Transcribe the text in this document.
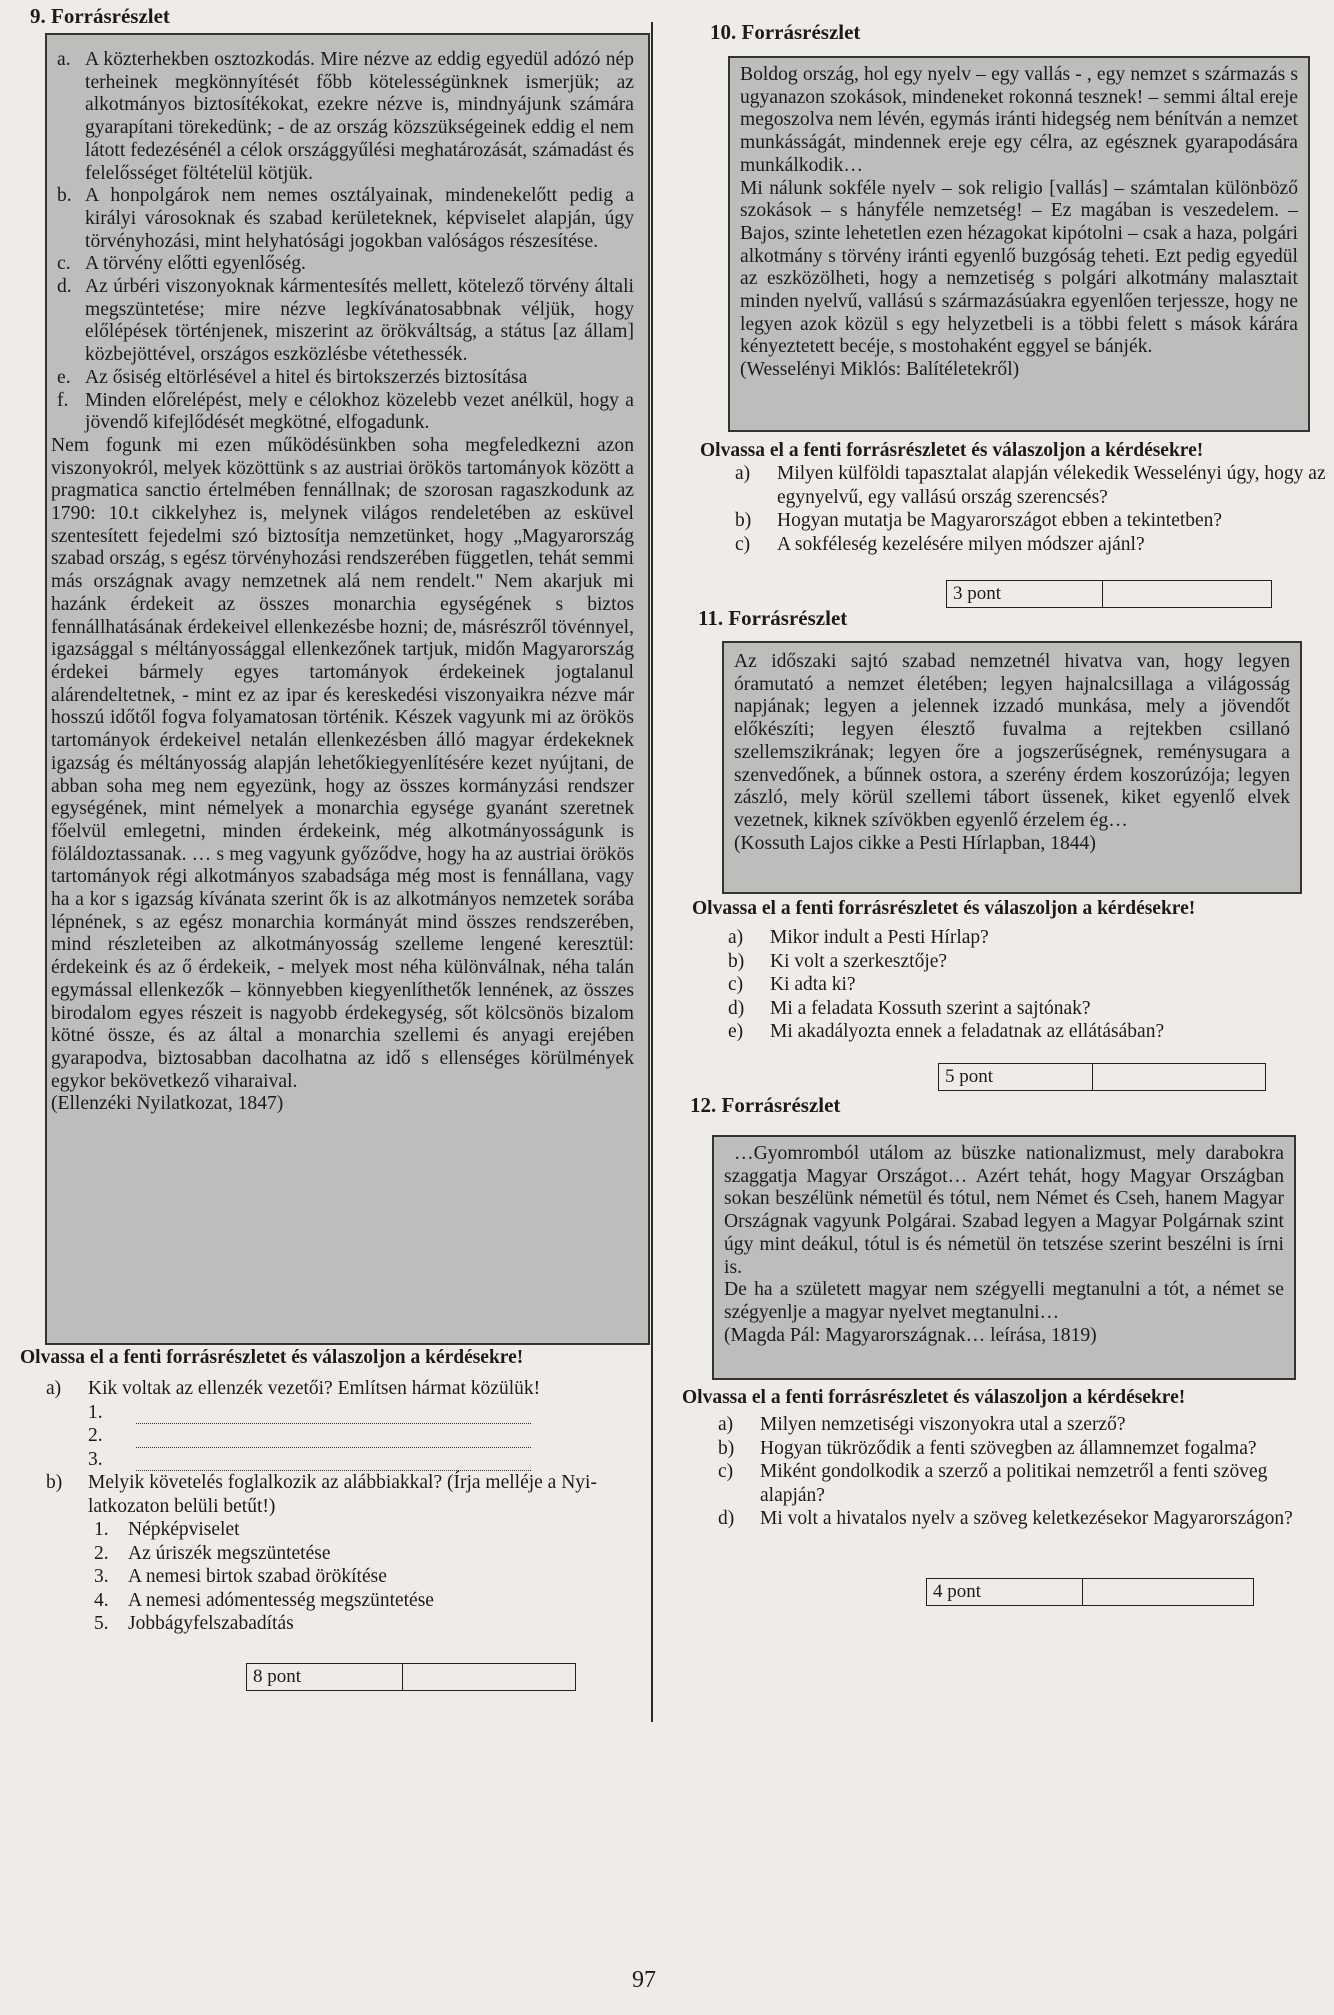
9. Forrásrészlet
a. A közterhekben osztozkodás. Mire nézve az eddig egyedül adózó nép terheinek megkönnyítését főbb kötelességünknek ismerjük; az alkotmányos biztosítékokat, ezekre nézve is, mindnyájunk számára gyarapítani törekedünk; - de az ország közszükségeinek eddig el nem látott fedezésénél a célok országgyűlési meghatározását, számadást és felelősséget föltételül kötjük.
b. A honpolgárok nem nemes osztályainak, mindenekelőtt pedig a királyi városoknak és szabad kerületeknek, képviselet alapján, úgy törvényhozási, mint helyhatósági jogokban valóságos részesítése.
c. A törvény előtti egyenlőség.
d. Az úrbéri viszonyoknak kármentesítés mellett, kötelező törvény általi megszüntetése; mire nézve legkívánatosabbnak véljük, hogy előlépések történjenek, miszerint az örökváltság, a státus [az állam] közbejöttével, országos eszközlésbe vétethessék.
e. Az ősiség eltörlésével a hitel és birtokszerzés biztosítása
f. Minden előrelépést, mely e célokhoz közelebb vezet anélkül, hogy a jövendő kifejlődését megkötné, elfogadunk.
Nem fogunk mi ezen működésünkben soha megfeledkezni azon viszonyokról, melyek közöttünk s az austriai örökös tartományok között a pragmatica sanctio értelmében fennállnak; de szorosan ragaszkodunk az 1790: 10.t cikkelyhez is, melynek világos rendeletében az esküvel szentesített fejedelmi szó biztosítja nemzetünket, hogy „Magyarország szabad ország, s egész törvényhozási rendszerében független, tehát semmi más országnak avagy nemzetnek alá nem rendelt." Nem akarjuk mi hazánk érdekeit az összes monarchia egységének s biztos fennállhatásának érdekeivel ellenkezésbe hozni; de, másrészről tövénnyel, igazsággal s méltányossággal ellenkezőnek tartjuk, midőn Magyarország érdekei bármely egyes tartományok érdekeinek jogtalanul alárendeltetnek, - mint ez az ipar és kereskedési viszonyaikra nézve már hosszú időtől fogva folyamatosan történik. Készek vagyunk mi az örökös tartományok érdekeivel netalán ellenkezésben álló magyar érdekeknek igazság és méltányosság alapján lehetőkiegyenlítésére kezet nyújtani, de abban soha meg nem egyezünk, hogy az összes kormányzási rendszer egységének, mint némelyek a monarchia egysége gyanánt szeretnek főelvül emlegetni, minden érdekeink, még alkotmányosságunk is föláldoztassanak. … s meg vagyunk győződve, hogy ha az austriai örökös tartományok régi alkotmányos szabadsága még most is fennállana, vagy ha a kor s igazság kívánata szerint ők is az alkotmányos nemzetek sorába lépnének, s az egész monarchia kormányát mind összes rendszerében, mind részleteiben az alkotmányosság szelleme lengené keresztül: érdekeink és az ő érdekeik, - melyek most néha különválnak, néha talán egymással ellenkezők – könnyebben kiegyenlíthetők lennének, az összes birodalom egyes részeit is nagyobb érdekegység, sőt kölcsönös bizalom kötné össze, és az által a monarchia szellemi és anyagi erejében gyarapodva, biztosabban dacolhatna az idő s ellenséges körülmények egykor bekövetkező viharaival.
(Ellenzéki Nyilatkozat, 1847)
Olvassa el a fenti forrásrészletet és válaszoljon a kérdésekre!
a)	Kik voltak az ellenzék vezetői? Említsen hármat közülük!
1.
2.
3.
b)	Melyik követelés foglalkozik az alábbiakkal? (Írja melléje a Nyilatkozaton belüli betűt!)
1. Népképviselet
2. Az úriszék megszüntetése
3. A nemesi birtok szabad örökítése
4. A nemesi adómentesség megszüntetése
5. Jobbágyfelszabadítás
8 pont
10. Forrásrészlet
Boldog ország, hol egy nyelv – egy vallás - , egy nemzet s származás s ugyanazon szokások, mindeneket rokonná tesznek! – semmi által ereje megoszolva nem lévén, egymás iránti hidegség nem bénítván a nemzet munkásságát, mindennek ereje egy célra, az egésznek gyarapodására munkálkodik…
Mi nálunk sokféle nyelv – sok religio [vallás] – számtalan különböző szokások – s hányféle nemzetség! – Ez magában is veszedelem. – Bajos, szinte lehetetlen ezen hézagokat kipótolni – csak a haza, polgári alkotmány s törvény iránti egyenlő buzgóság teheti. Ezt pedig egyedül az eszközölheti, hogy a nemzetiség s polgári alkotmány malasztait minden nyelvű, vallású s származásúakra egyenlően terjessze, hogy ne legyen azok közül s egy helyzetbeli is a többi felett s mások kárára kényeztetett becéje, s mostohaként eggyel se bánjék.
(Wesselényi Miklós: Balítéletekről)
Olvassa el a fenti forrásrészletet és válaszoljon a kérdésekre!
a)	Milyen külföldi tapasztalat alapján vélekedik Wesselényi úgy, hogy az egynyelvű, egy vallású ország szerencsés?
b)	Hogyan mutatja be Magyarországot ebben a tekintetben?
c)	A sokféleség kezelésére milyen módszer ajánl?
3 pont
11. Forrásrészlet
Az időszaki sajtó szabad nemzetnél hivatva van, hogy legyen óramutató a nemzet életében; legyen hajnalcsillaga a világosság napjának; legyen a jelennek izzadó munkása, mely a jövendőt előkészíti; legyen élesztő fuvalma a rejtekben csillanó szellemszikrának; legyen őre a jogszerűségnek, reménysugara a szenvedőnek, a bűnnek ostora, a szerény érdem koszorúzója; legyen zászló, mely körül szellemi tábort üssenek, kiket egyenlő elvek vezetnek, kiknek szívökben egyenlő érzelem ég…
(Kossuth Lajos cikke a Pesti Hírlapban, 1844)
Olvassa el a fenti forrásrészletet és válaszoljon a kérdésekre!
a)	Mikor indult a Pesti Hírlap?
b)	Ki volt a szerkesztője?
c)	Ki adta ki?
d)	Mi a feladata Kossuth szerint a sajtónak?
e)	Mi akadályozta ennek a feladatnak az ellátásában?
5 pont
12. Forrásrészlet
…Gyomromból utálom az büszke nationalizmust, mely darabokra szaggatja Magyar Országot… Azért tehát, hogy Magyar Országban sokan beszélünk németül és tótul, nem Német és Cseh, hanem Magyar Országnak vagyunk Polgárai. Szabad legyen a Magyar Polgárnak szint úgy mint deákul, tótul is és németül ön tetszése szerint beszélni is írni is.
De ha a született magyar nem szégyelli megtanulni a tót, a német se szégyenlje a magyar nyelvet megtanulni…
(Magda Pál: Magyarországnak… leírása, 1819)
Olvassa el a fenti forrásrészletet és válaszoljon a kérdésekre!
a)	Milyen nemzetiségi viszonyokra utal a szerző?
b)	Hogyan tükröződik a fenti szövegben az államnemzet fogalma?
c)	Miként gondolkodik a szerző a politikai nemzetről a fenti szöveg alapján?
d)	Mi volt a hivatalos nyelv a szöveg keletkezésekor Magyarországon?
4 pont
97
